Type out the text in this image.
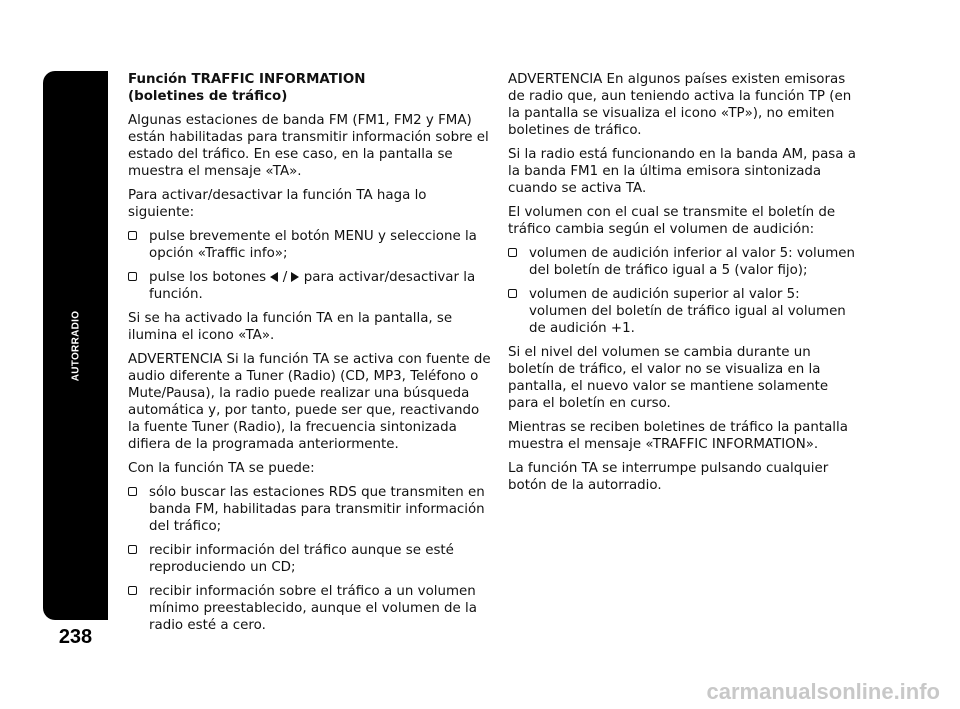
AUTORRADIO
238
Función TRAFFIC INFORMATION
(boletines de tráfico)

Algunas estaciones de banda FM (FM1, FM2 y FMA) están habilitadas para transmitir información sobre el estado del tráfico. En ese caso, en la pantalla se muestra el mensaje «TA».

Para activar/desactivar la función TA haga lo siguiente:

pulse brevemente el botón MENU y seleccione la opción «Traffic info»;
pulse los botones / para activar/desactivar la función.

Si se ha activado la función TA en la pantalla, se ilumina el icono «TA».

ADVERTENCIA Si la función TA se activa con fuente de audio diferente a Tuner (Radio) (CD, MP3, Teléfono o Mute/Pausa), la radio puede realizar una búsqueda automática y, por tanto, puede ser que, reactivando la fuente Tuner (Radio), la frecuencia sintonizada difiera de la programada anteriormente.

Con la función TA se puede:

sólo buscar las estaciones RDS que transmiten en banda FM, habilitadas para transmitir información del tráfico;
recibir información del tráfico aunque se esté reproduciendo un CD;
recibir información sobre el tráfico a un volumen mínimo preestablecido, aunque el volumen de la radio esté a cero.

ADVERTENCIA En algunos países existen emisoras de radio que, aun teniendo activa la función TP (en la pantalla se visualiza el icono «TP»), no emiten boletines de tráfico.

Si la radio está funcionando en la banda AM, pasa a la banda FM1 en la última emisora sintonizada cuando se activa TA.

El volumen con el cual se transmite el boletín de tráfico cambia según el volumen de audición:

volumen de audición inferior al valor 5: volumen del boletín de tráfico igual a 5 (valor fijo);
volumen de audición superior al valor 5: volumen del boletín de tráfico igual al volumen de audición +1.

Si el nivel del volumen se cambia durante un boletín de tráfico, el valor no se visualiza en la pantalla, el nuevo valor se mantiene solamente para el boletín en curso.

Mientras se reciben boletines de tráfico la pantalla muestra el mensaje «TRAFFIC INFORMATION».

La función TA se interrumpe pulsando cualquier botón de la autorradio.

carmanualsonline.info
